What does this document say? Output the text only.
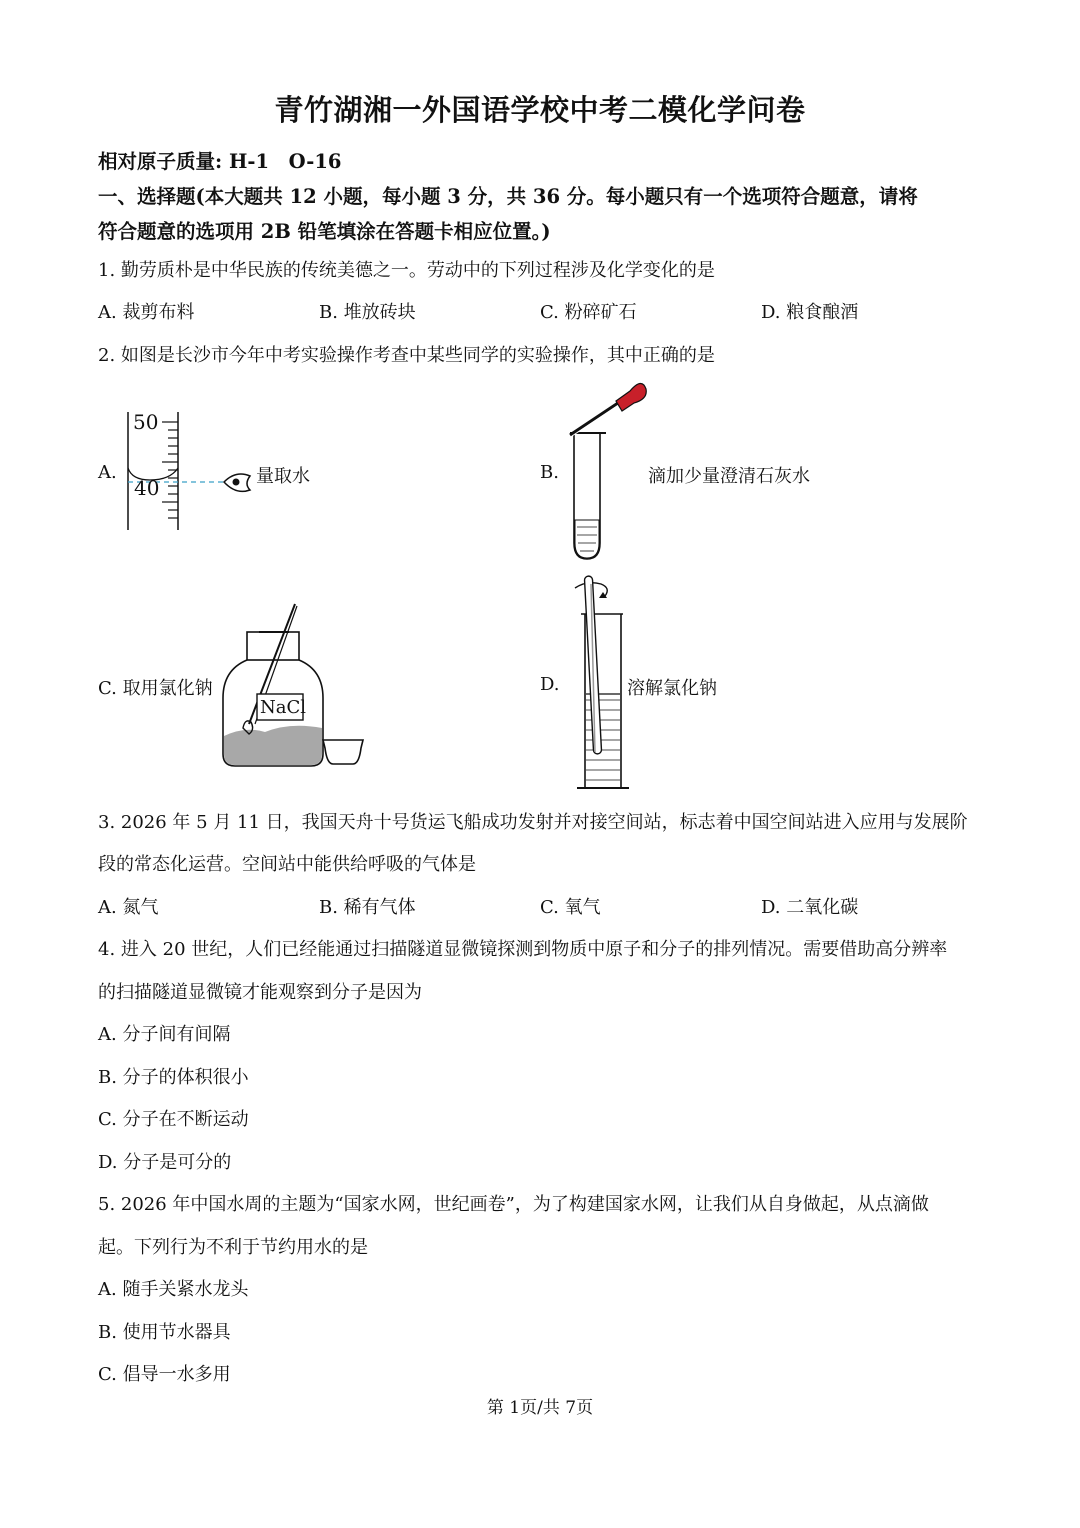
青竹湖湘一外国语学校中考二模化学问卷
相对原子质量: H-1　O-16
一、选择题(本大题共 12 小题，每小题 3 分，共 36 分。每小题只有一个选项符合题意，请将
符合题意的选项用 2B 铅笔填涂在答题卡相应位置。)
1. 勤劳质朴是中华民族的传统美德之一。劳动中的下列过程涉及化学变化的是
A. 裁剪布料	B. 堆放砖块	C. 粉碎矿石	D. 粮食酿酒
2. 如图是长沙市今年中考实验操作考查中某些同学的实验操作，其中正确的是
A.
50
40	量取水	B.	滴加少量澄清石灰水
C. 取用氯化钠
NaCl
D.	溶解氯化钠
3. 2026 年 5 月 11 日，我国天舟十号货运飞船成功发射并对接空间站，标志着中国空间站进入应用与发展阶
段的常态化运营。空间站中能供给呼吸的气体是
A. 氮气	B. 稀有气体	C. 氧气	D. 二氧化碳
4. 进入 20 世纪，人们已经能通过扫描隧道显微镜探测到物质中原子和分子的排列情况。需要借助高分辨率
的扫描隧道显微镜才能观察到分子是因为
A. 分子间有间隔
B. 分子的体积很小
C. 分子在不断运动
D. 分子是可分的
5. 2026 年中国水周的主题为“国家水网，世纪画卷”，为了构建国家水网，让我们从自身做起，从点滴做
起。下列行为不利于节约用水的是
A. 随手关紧水龙头
B. 使用节水器具
C. 倡导一水多用
第 1页/共 7页
